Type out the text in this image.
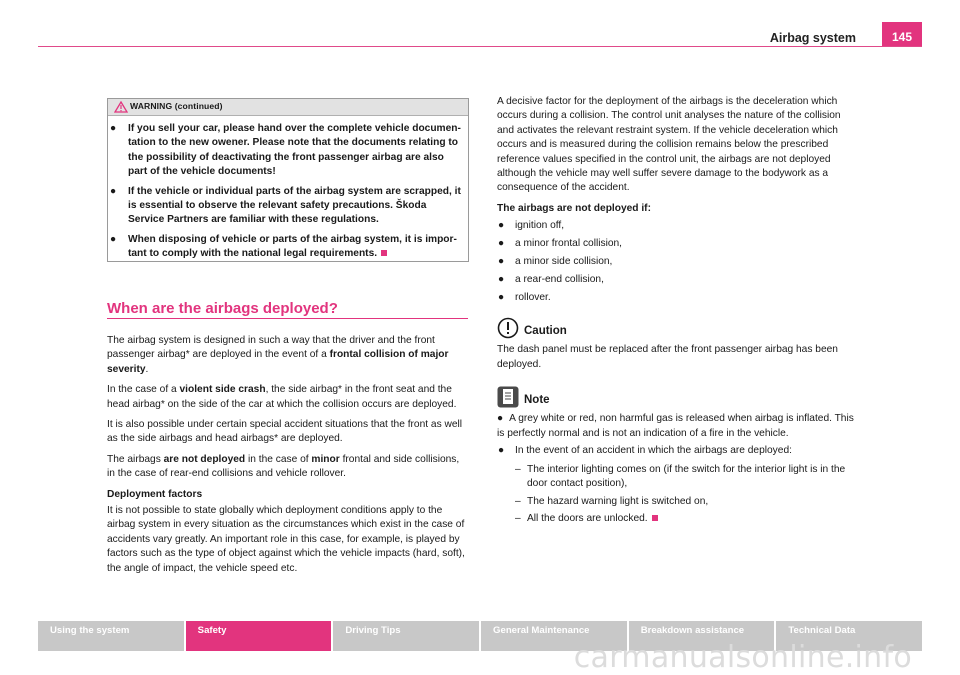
Airbag system	145
WARNING (continued)
● If you sell your car, please hand over the complete vehicle documen-tation to the new owener. Please note that the documents relating to the possibility of deactivating the front passenger airbag are also part of the vehicle documents!
● If the vehicle or individual parts of the airbag system are scrapped, it is essential to observe the relevant safety precautions. Škoda Service Partners are familiar with these regulations.
● When disposing of vehicle or parts of the airbag system, it is impor-tant to comply with the national legal requirements.
When are the airbags deployed?

The airbag system is designed in such a way that the driver and the front passenger airbag* are deployed in the event of a frontal collision of major severity.

In the case of a violent side crash, the side airbag* in the front seat and the head airbag* on the side of the car at which the collision occurs are deployed.

It is also possible under certain special accident situations that the front as well as the side airbags and head airbags* are deployed.

The airbags are not deployed in the case of minor frontal and side collisions, in the case of rear-end collisions and vehicle rollover.

Deployment factors

It is not possible to state globally which deployment conditions apply to the airbag system in every situation as the circumstances which exist in the case of accidents vary greatly. An important role in this case, for example, is played by factors such as the type of object against which the vehicle impacts (hard, soft), the angle of impact, the vehicle speed etc.

A decisive factor for the deployment of the airbags is the deceleration which occurs during a collision. The control unit analyses the nature of the collision and activates the relevant restraint system. If the vehicle deceleration which occurs and is measured during the collision remains below the prescribed reference values specified in the control unit, the airbags are not deployed although the vehicle may well suffer severe damage to the bodywork as a consequence of the accident.

The airbags are not deployed if:

● ignition off,
● a minor frontal collision,
● a minor side collision,
● a rear-end collision,
● rollover.
Caution

The dash panel must be replaced after the front passenger airbag has been deployed.

Note
● A grey white or red, non harmful gas is released when airbag is inflated. This is perfectly normal and is not an indication of a fire in the vehicle.
● In the event of an accident in which the airbags are deployed:
– The interior lighting comes on (if the switch for the interior light is in the door contact position),
– The hazard warning light is switched on,
– All the doors are unlocked.
Using the system	Safety	Driving Tips	General Maintenance	Breakdown assistance	Technical Data
carmanualsonline.info
